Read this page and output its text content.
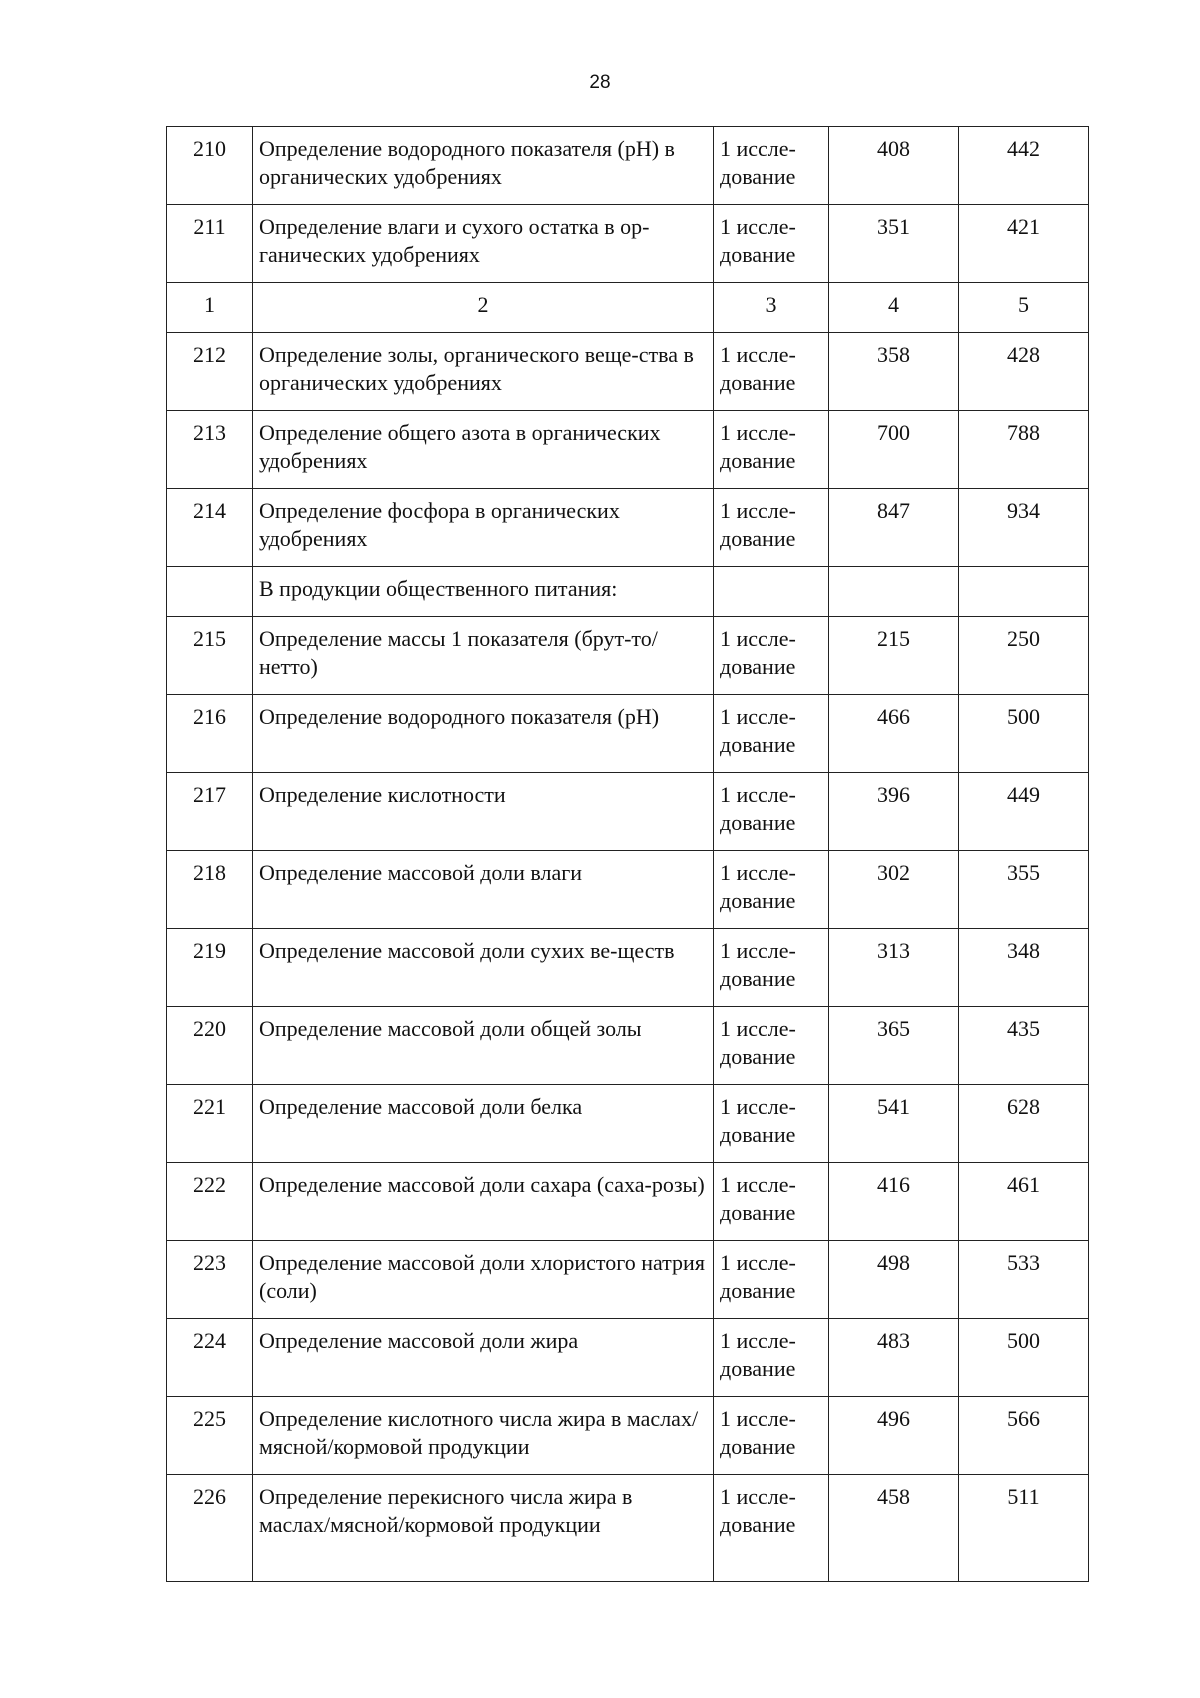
28
210	Определение водородного показателя (pH) в органических удобрениях	1 иссле-дование	408	442
211	Определение влаги и сухого остатка в ор-ганических удобрениях	1 иссле-дование	351	421
1	2	3	4	5
212	Определение золы, органического веще-ства в органических удобрениях	1 иссле-дование	358	428
213	Определение общего азота в органических удобрениях	1 иссле-дование	700	788
214	Определение фосфора в органических удобрениях	1 иссле-дование	847	934
	В продукции общественного питания:			
215	Определение массы 1 показателя (брут-то/нетто)	1 иссле-дование	215	250
216	Определение водородного показателя (pH)	1 иссле-дование	466	500
217	Определение кислотности	1 иссле-дование	396	449
218	Определение массовой доли влаги	1 иссле-дование	302	355
219	Определение массовой доли сухих ве-ществ	1 иссле-дование	313	348
220	Определение массовой доли общей золы	1 иссле-дование	365	435
221	Определение массовой доли белка	1 иссле-дование	541	628
222	Определение массовой доли сахара (саха-розы)	1 иссле-дование	416	461
223	Определение массовой доли хлористого натрия (соли)	1 иссле-дование	498	533
224	Определение массовой доли жира	1 иссле-дование	483	500
225	Определение кислотного числа жира в маслах/мясной/кормовой продукции	1 иссле-дование	496	566
226	Определение перекисного числа жира в маслах/мясной/кормовой продукции	1 иссле-дование	458	511
